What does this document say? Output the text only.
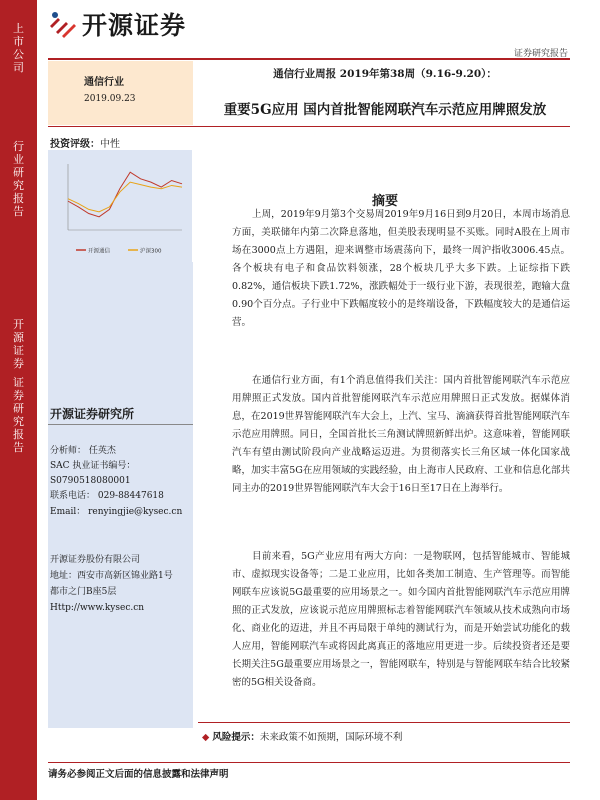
上
市
公
司
行
业
研
究
报
告
开
源
证
券
证
券
研
究
报
告
开源证券
证券研究报告
通信行业
2019.09.23
通信行业周报 2019年第38周（9.16-9.20）：
重要5G应用 国内首批智能网联汽车示范应用牌照发放
投资评级：中性
开源通信	沪深300
开源证券研究所
分析师： 任英杰
SAC 执业证书编号：
S0790518080001
联系电话： 029-88447618
Email： renyingjie@kysec.cn
开源证券股份有限公司
地址：西安市高新区锦业路1号
都市之门B座5层
Http://www.kysec.cn
摘要

上周，2019年9月第3个交易周2019年9月16日到9月20日，本周市场消息方面，美联储年内第二次降息落地，但美股表现明显不买账。同时A股在上周市场在3000点上方遇阻，迎来调整市场震荡向下，最终一周沪指收3006.45点。各个板块有电子和食品饮料领涨，28个板块几乎大多下跌。上证综指下跌0.82%，通信板块下跌1.72%，涨跌幅处于一级行业下游，表现很差，跑输大盘0.90个百分点。子行业中下跌幅度较小的是终端设备，下跌幅度较大的是通信运营。

在通信行业方面，有1个消息值得我们关注：国内首批智能网联汽车示范应用牌照正式发放。国内首批智能网联汽车示范应用牌照日正式发放。据媒体消息，在2019世界智能网联汽车大会上，上汽、宝马、滴滴获得首批智能网联汽车示范应用牌照。同日，全国首批长三角测试牌照新鲜出炉。这意味着，智能网联汽车有望由测试阶段向产业战略运迈进。为贯彻落实长三角区域一体化国家战略，加实丰富5G在应用领域的实践经验，由上海市人民政府、工业和信息化部共同主办的2019世界智能网联汽车大会于16日至17日在上海举行。

目前来看，5G产业应用有两大方向：一是物联网，包括智能城市、智能城市、虚拟现实设备等；二是工业应用，比如各类加工制造、生产管理等。而智能网联车应该说5G最重要的应用场景之一。如今国内首批智能网联汽车示范应用牌照的正式发放，应该说示范应用牌照标志着智能网联汽车领域从技术成熟向市场化、商业化的迈进，并且不再局限于单纯的测试行为，而是开始尝试功能化的载人应用，智能网联汽车或将因此离真正的落地应用更进一步。后续投资者还是要长期关注5G最重要应用场景之一，智能网联车，特别是与智能网联车结合比较紧密的5G相关设备商。

◆ 风险提示：未来政策不如预期，国际环境不利
请务必参阅正文后面的信息披露和法律声明
